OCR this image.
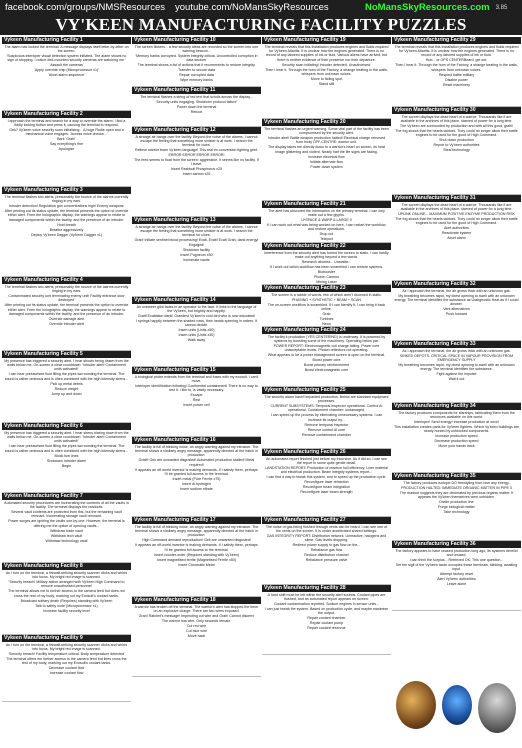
facebook.com/groups/NMSResources	youtube.com/NoMansSkyResources	NoMansSkyResources.com 3.85
VY'KEEN MANUFACTURING FACILITY PUZZLES
Vykeen Manufacturing Facility 1

The alarm has locked the terminal. A message displays itself letter-by-letter on the screen.

'Suspicious interloper visual detection system initiated. The alarm shows no sign of stopping. I notice well-mounted security cameras are watching me.'

'Assault the cameras'

'Apply override chip (Microprocessor x1)'

'Abort alarm sequence'

Vykeen Manufacturing Facility 2

I approach the terminal and search for a way to override the alarm. I find a fiddly locking button and press it, causing the terminal to respond.

Gek? Vy'keen voice security scan initializing... A huge Rodie open and a mechanical voice engages: 'Access voice checks...'

Bark 'Grah!'

Say everything's fine

Apologize

Vykeen Manufacturing Facility 3

The terminal flashes two alerts, presumably the source of the alarms currently ringing in my ears.

Intruder detection! Regulation gun concentrations high! Enemy weapons'

After printing out its status update, the terminal presents the option to override either alert. From the holographic display, the warnings appear to relate to damaged components within the facility, and the presence of an intruder.

Hold breath

Breathe aggressively

Deploy Vy'keen Dagger (Vy'keen Dagger x1)

Vykeen Manufacturing Facility 4

The terminal flashes two alerts, presumably the source of the alarms currently ringing in my ears.

Contaminated security unit terminating enemy unit! Facility entrance door destroyed'

After printing out its status update, the terminal presents the option to override either alert. From the holographic display, the warnings appear to relate to damaged components within the facility, and the presence of an intruder.

Override damage alert

Override intruder alert

Vykeen Manufacturing Facility 5

My presence has triggered a security alert. I hear shouts being drawn from the walls below me. On-screen a clear countdown: 'Intruder alert! Containment units activated!'

I can hear pressurised fluid filling the pipes surrounding the terminal. The sound is rather ominous and is often combined with the high intensity sirens...

Pick up metal debris

Reduce weight

Jump up and down

Vykeen Manufacturing Facility 6

My presence has triggered a security alert. I hear sirens blaring down from the walls below me. On-screen a clear countdown: 'Intruder alert! Containment units activated!'

I can hear pressurised fluid filling the pipes surrounding the terminal. The sound is rather ominous and is often combined with the high intensity sirens...

Block fuel lines

Shutdown intruder alarm

Begin

Vykeen Manufacturing Facility 7

Automated security procedures are incinerating the contents of all the vaults in the facility. The terminal displays the readouts.

Several vault contents are protected from this, but the remaining vault remnant. Incinerating storage vault remnant.

Power surges are igniting the vaults one-by-one. However, the terminal is offering me the option of opening vaults...

Withdraw trade vault

Withdraw tech vault

Withdraw technology vault

Vykeen Manufacturing Facility 8

As I turn on the terminal, a firewall-striking security scanner clicks and whirrs into focus. My bright red image is scanned.

'Security breach! Military action arranged with Vy'keen High Command to remove unauthorised personnel'

The terminal allows me to further access to the camera feed but does not cross the rest of my body, marking out my Exosuit's coolant tanks.

Broadcast solitary death (Requires) standing with Vy'keen

Talk to safety code (Microprocessor x1)

Increase facility security level

Vykeen Manufacturing Facility 9

As I turn on the terminal, a firewall-striking security scanner clicks and whirrs into focus. My bright red image is scanned.

'Security breach! Facility temperature critical. Body temperature detected'

The terminal offers me further access to the camera feed but lines cross the rest of my body, marking out my Exosuit's coolant tanks.

Decrease coolant flow

Increase coolant flow

Vykeen Manufacturing Facility 10

The screen flickers... a few security ideas are recorded so the screen into one warning beacon...

'Memory banks corrupted. System integrity critical. Uncontrolled corruption in data sectors'

The terminal shows a list of actions that it recommends to restore integrity.

Transfer to secure data

Repair corrupted data

Wipe memory banks

Vykeen Manufacturing Facility 11

The terminal flashes a string of red text that scrolls across the display...

'Security units engaging. Shutdown protocol failure'

Power down the terminal

Reboot

Vykeen Manufacturing Facility 12

A strange air hangs over the facility. Beyond the noise of the alarms, I cannot escape the feeling that something more sinister is at work. I search the terminal for clues.

Relieve warrior team Vy'keen language! This real ex-conversion fighting grief. ERROR ERROR ERROR ERROR!

The feed seems to float from the screen: aggressive. It seems like no facility. If I leave.

Insert Residual Phosphorus x25

Insert carbon x25

Vykeen Manufacturing Facility 13

A strange air hangs over the facility. Beyond the noise of the alarms, I cannot escape the feeling that something more sinister is at work. I search the terminal for clues.

Grab! Initiate sentinel blood processing! Exalt, Exalt! Exalt Grah, dank energy! Engaged!

Shutdown facility

Insert Pugneum x50

Incinerate vaults

Vykeen Manufacturing Facility 14

An overseer glint fades in an operator to the face. It links to the language of the Vy'keen, but brightly and happily.

Gratif Exaltation dank! Grandest Vy'keen's cold bird who is now educated!

I springs happily between the shaded rows, their heads spinning in orders. It cannot decide.

Insert units (Units x50)

Insert units (Units x30)

Walk away

Vykeen Manufacturing Facility 15

A biological probe extends from the terminal and fuses with my exosuit. I can't move.

Interloper identification initiating! Continental containment! There is no way to rest it. I like to, is vastly necessary.

Escape

Rest

Insert power cell

Vykeen Manufacturing Facility 16

The facility is full of blinking noise, an angry warning against my intrusion. The terminal shows a similarly angry message, apparently directed at the hatch in production.

Gratif! Gek are unwanted disgusted! Automated production stalled! Metal required!

It appears an off-world inventor is making demands. If I satisfy them, perhaps I'll be granted full access to the terminal.

Insert metal (Pure Ferrite x75)

Insert di-hydrogen

Insert sodium nitrate

Vykeen Manufacturing Facility 17

The facility is full of blinking noise, an angry warning against my intrusion. The terminal shows a similarly angry message, apparently directed at the hatch in production.

High Command demand reproduction! Gek are unwanted disgusted!

It appears an off-world inventor is making demands. If I satisfy them, perhaps I'll be granted full access to the terminal.

Insert counter-order (Requires standing with Vy'keen)

Insert magnetised ferrite (Magnetised Ferrite x50)

Insert Chromatic Metal

Vykeen Manufacturing Facility 18

A warrior has broken off the terminal. The warrior's alert has stopped the timer on an explosive charge. There are two wires exposed.

Grah! Ratchet's message! Impending cut wire and Grah! Cannot discern!

The warrior has wire. Only seconds remain.

Cut red wire

Cut blue wire

Move back

Vykeen Manufacturing Facility 19

The terminal reveals that this installation produces engines and fluids required for Vy'keen Atlantis. It is unclear how the engines generated. There is no record of any labored supplies of ink or fluid. Various aliens have arrived, but there is neither evidence of their presence nor their departure.

Security scan initiating! Intruder detected. Unauthorised.

Then I hear it. Through the hum of the Factory, a strange beating in the walls, whispers from unknown voices.

Move to hiding spot

Stand still

Vykeen Manufacturing Facility 20

The terminal flashes an urgent warning. Some vital part of the facility has been compromised by the security alert.

Intruder alert! Battle weapon production halted! Electrical charge removed from body OFF-CENTRE: warrior unit.

The display takes me directly down to a warrior's heart on screen, its heat image glistening and violent. Nearly half the life signs are fading.

Increase electrical flow

Initiate alternate flow

Power down system

Vykeen Manufacturing Facility 21

The alert has obscured the information on the primary terminal. I can only make out a few glyphs.

U*SPACE & WARP & LARGE 0

If I can work out what was being worked on here, I can restart the workflow, and restore operations.

Drop out

Teleport

Vykeen Manufacturing Facility 22

Interference from the security alert has turned the screen to static. I can hardly make out anything beyond a few words.

Research aborted... Unstable...

If I work out which workflow has been scrambled I can restore systems.

Biobooster

Photon Cannon

Mining Laser

Vykeen Manufacturing Facility 23

The screen is a rabble of words, few of which aren't drowned in static.

PHASING + SYNTHETIC + BEAM + SCAN

The on-screen workflow is scrambled. If I can identify it, I can bring it back online.

Grab

Turbines

Neon

Vykeen Manufacturing Facility 24

The facility's production (YES CENTERING) is underway. It is powered by systems by boosting some of the machinery. Operating below par.

POWER REPORT: Electromagnetic coil charge falling. Power core unacceptable levels. Photon reflectors not operating.

What appears to be a power management screen is open on the terminal.

Boost power core

Boost primary reinforcement

Boost electromagnetic core

Vykeen Manufacturing Facility 25

The security alarm hasn't impacted production. Below are standard equipment processes.

CURRENT SUBSYSTEMS: Temporal inspector operational. Control AI operational. Containment chamber: undamaged.

I can speed up the process by eliminating unnecessary systems. I can increase its output by...

Remove temporal inspector

Remove control AI core

Remove containment chamber

Vykeen Manufacturing Facility 26

An automated report finished just before my incursion. As it did so, I can see the report in some quite gentle detail.

LANDSTATION REPORT: Production of reactive hull efficiency. Liner material and electrical production. Beam integrity systems report...

I can find a way to tweak this system, and to speed up the production cycle.

Reconfigure laser refraction

Reconfigure beam integration

Reconfigure laser beam strength

Vykeen Manufacturing Facility 27

The noise of gas being flushed through vents can be heard. I can see one of the vents on the screen. It is under accelerated shared settings.

GAS INTEGRITY REPORT: Distribution network. Unreactive, halogens and slime. Gas levels dropping.

Redirect power supply to gas flow on the...

Rebalance gas flow

Reduce distribution channel

Rebalance pressure valve

Vykeen Manufacturing Facility 28

A hard shift must be left within the security alert sounds. Coolant pipes are flushed, and an automated report appears on screen.

Coolant contamination reported. Sodium engines in sensor units...

I can just tweak the system. Based on production cycle, and maybe maximise the output.

Repair coolant chamber

Repair coolant pump

Repair coolant reservoir

Vykeen Manufacturing Facility 29

The terminal reveals that this installation produces engines and fluids required for Vy'keen Atlantis. It is unclear how the engines generated. There is no record of any labored supplies of ink or fluid.

Hub... or OPS CENTERBeard, gel out.

Then I hear it. Through the hum of the Factory, a strange beating in the walls, whispers from unknown voices.

Respect battle military

Disable power

Reset machinery

Vykeen Manufacturing Facility 30

The screen displays the dead heart of a warrior. Thousands like it are available in the archives of this place, starved of power for a long time.

The Vy'keen are surrounded by production and with all this good, grahl!

The fog shows that the hearts worked. They could no longer allow their battle engines to be used for the good of High Command.

Shut down production

Report to Vy'keen authorities

Steal technology

Vykeen Manufacturing Facility 31

The screen displays the dead heart of a warrior. Thousands like it are available in the archives of this place, starved of power for a long time.

UPLINK ONLINE... MAXIMUM POSITIVE ENZYME PRODUCTION RISK

The fog shows that the hearts worked. They could no longer allow their battle engines to be used for the good of High Command.

Alert authorities

Reactivate system

Abort alarm

Vykeen Manufacturing Facility 32

As I approach the terminal, the air grows thick with an unknown gas.

My breathing becomes rapid, my chest opening to swell with an unknown energy. The terminal identifies the substance as Urabgnostic Heat as if I could answer.

Vent alternatives

Push forward

Vykeen Manufacturing Facility 33

As I approach the terminal, the air grows thick with an unknown gas.

SINKED DEPOTS. CRITICAL SPACE IN VAPOUR PROVISION FROM EMERGENCY SUPPLY

My breathing becomes rapid, my chest opening to swell with an unknown energy. The terminal identifies the substance.

Fight against the impulse

Wait it out

Vykeen Manufacturing Facility 34

The factory produces components for starships, fabricating them from the resources available on this world.

Interloper! Send energy! Increase production at once!

This installation creates parts for Vy'keen fighters. Which Vy'keen buildings are nearly hunted by unblocked components.

Increase production speed

Decrease production speed

Move your hands back

Vykeen Manufacturing Facility 35

The factory produces isotopic DO freestyling from lose any energy.

PRODUCTION HALTED: IMMEDIATE ORGANIC MATTER IN PIPE 3

The readout suggests they are decimated by previous organic matter. It appears the Vy'keen themselves went unbidden.

Divide production line

Purge biological matter

Take technology

Vykeen Manufacturing Facility 36

The factory appears to have ceased production long ago, its systems derelict and unused.

I can think the surplus... Retrieved OK. This one question...

Set the sigil of the Vy'keen tactic occupies these terminals, blinking, awaiting input.

Attempt factory reset

Alert Vy'keen authorities

Leave alone
